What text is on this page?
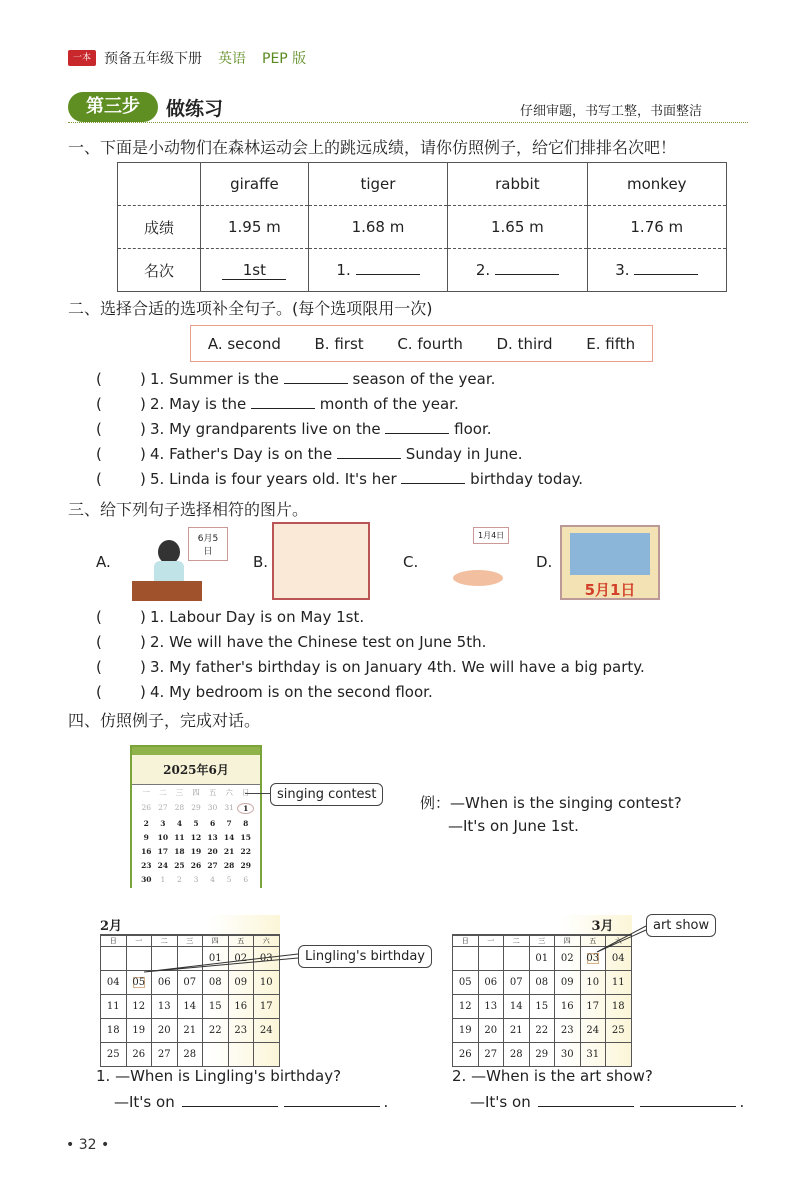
一本 预备五年级下册 英语 PEP 版
第三步	做练习	仔细审题，书写工整，书面整洁
一、下面是小动物们在森林运动会上的跳远成绩，请你仿照例子，给它们排排名次吧！
	giraffe	tiger	rabbit	monkey
成绩	1.95 m	1.68 m	1.65 m	1.76 m
名次	1st	1.	2.	3.
二、选择合适的选项补全句子。(每个选项限用一次)
A. second B. first C. fourth D. third E. fifth
(	) 1. Summer is the	season of the year.
(	) 2. May is the	month of the year.
(	) 3. My grandparents live on the	floor.
(	) 4. Father's Day is on the	Sunday in June.
(	) 5. Linda is four years old. It's her	birthday today.
三、给下列句子选择相符的图片。
A.
6月5日
B.	C.
1月4日
D.
5月1日
(	) 1. Labour Day is on May 1st.
(	) 2. We will have the Chinese test on June 5th.
(	) 3. My father's birthday is on January 4th. We will have a big party.
(	) 4. My bedroom is on the second floor.
四、仿照例子，完成对话。
2025年6月
一	二	三	四	五	六	日
26 27 28 29 30 31	1
2	3	4	5	6	7	8
9	10 11 12 13 14 15
16 17 18 19 20 21 22
23 24 25 26 27 28 29
30	1	2	3	4	5	6
singing contest	例：—When is the singing contest?
—It's on June 1st.
2月
日	一	二	三	四	五	六
				01	02	03
04	05	06	07	08	09	10
11	12	13	14	15	16	17
18	19	20	21	22	23	24
25	26	27	28			
Lingling's birthday
3月
日	一	二	三	四	五	六
			01	02	03	04
05	06	07	08	09	10	11
12	13	14	15	16	17	18
19	20	21	22	23	24	25
26	27	28	29	30	31	
art show
1. —When is Lingling's birthday?
—It's on	.
2. —When is the art show?
—It's on	.
• 32 •
